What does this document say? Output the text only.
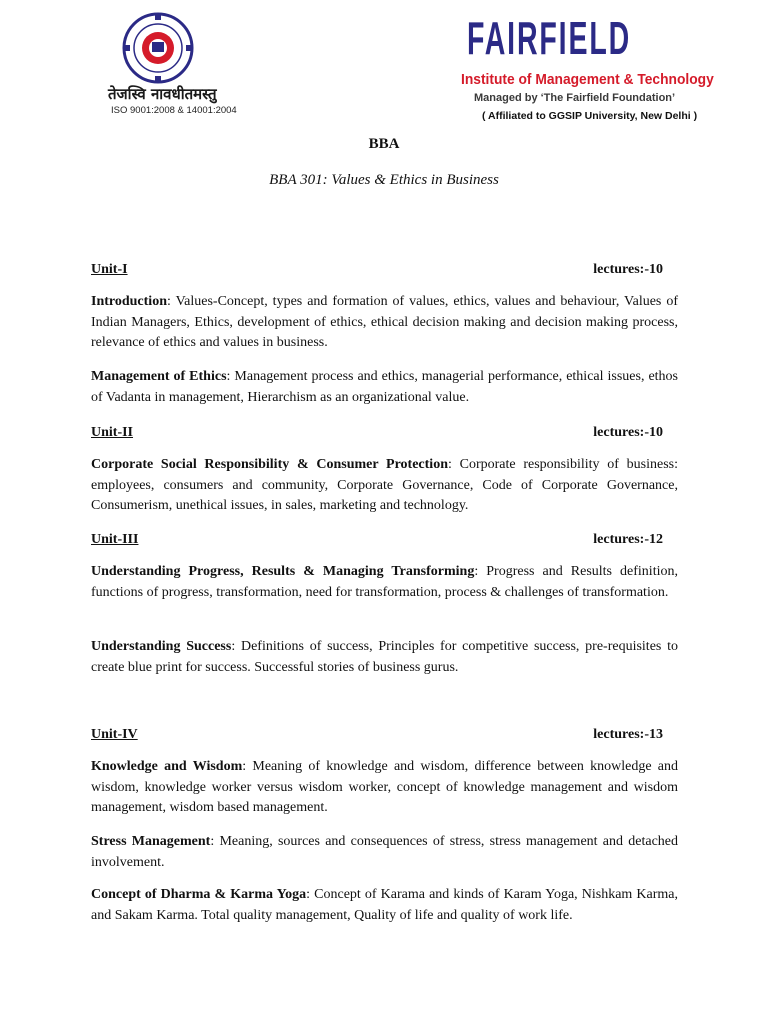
तेजस्वि नावधीतमस्तु
ISO 9001:2008 & 14001:2004
FAIRFIELD
Institute of Management & Technology
Managed by ‘The Fairfield Foundation’
( Affiliated to GGSIP University, New Delhi )
BBA
BBA 301: Values & Ethics in Business
Unit-I	lectures:-10
Introduction: Values-Concept, types and formation of values, ethics, values and behaviour, Values of Indian Managers, Ethics, development of ethics, ethical decision making and decision making process, relevance of ethics and values in business.
Management of Ethics: Management process and ethics, managerial performance, ethical issues, ethos of Vadanta in management, Hierarchism as an organizational value.
Unit-II	lectures:-10
Corporate Social Responsibility & Consumer Protection: Corporate responsibility of business: employees, consumers and community, Corporate Governance, Code of Corporate Governance, Consumerism, unethical issues, in sales, marketing and technology.
Unit-III	lectures:-12
Understanding Progress, Results & Managing Transforming: Progress and Results definition, functions of progress, transformation, need for transformation, process & challenges of transformation.
Understanding Success: Definitions of success, Principles for competitive success, pre-requisites to create blue print for success. Successful stories of business gurus.
Unit-IV	lectures:-13
Knowledge and Wisdom: Meaning of knowledge and wisdom, difference between knowledge and wisdom, knowledge worker versus wisdom worker, concept of knowledge management and wisdom management, wisdom based management.
Stress Management: Meaning, sources and consequences of stress, stress management and detached involvement.
Concept of Dharma & Karma Yoga: Concept of Karama and kinds of Karam Yoga, Nishkam Karma, and Sakam Karma. Total quality management, Quality of life and quality of work life.
